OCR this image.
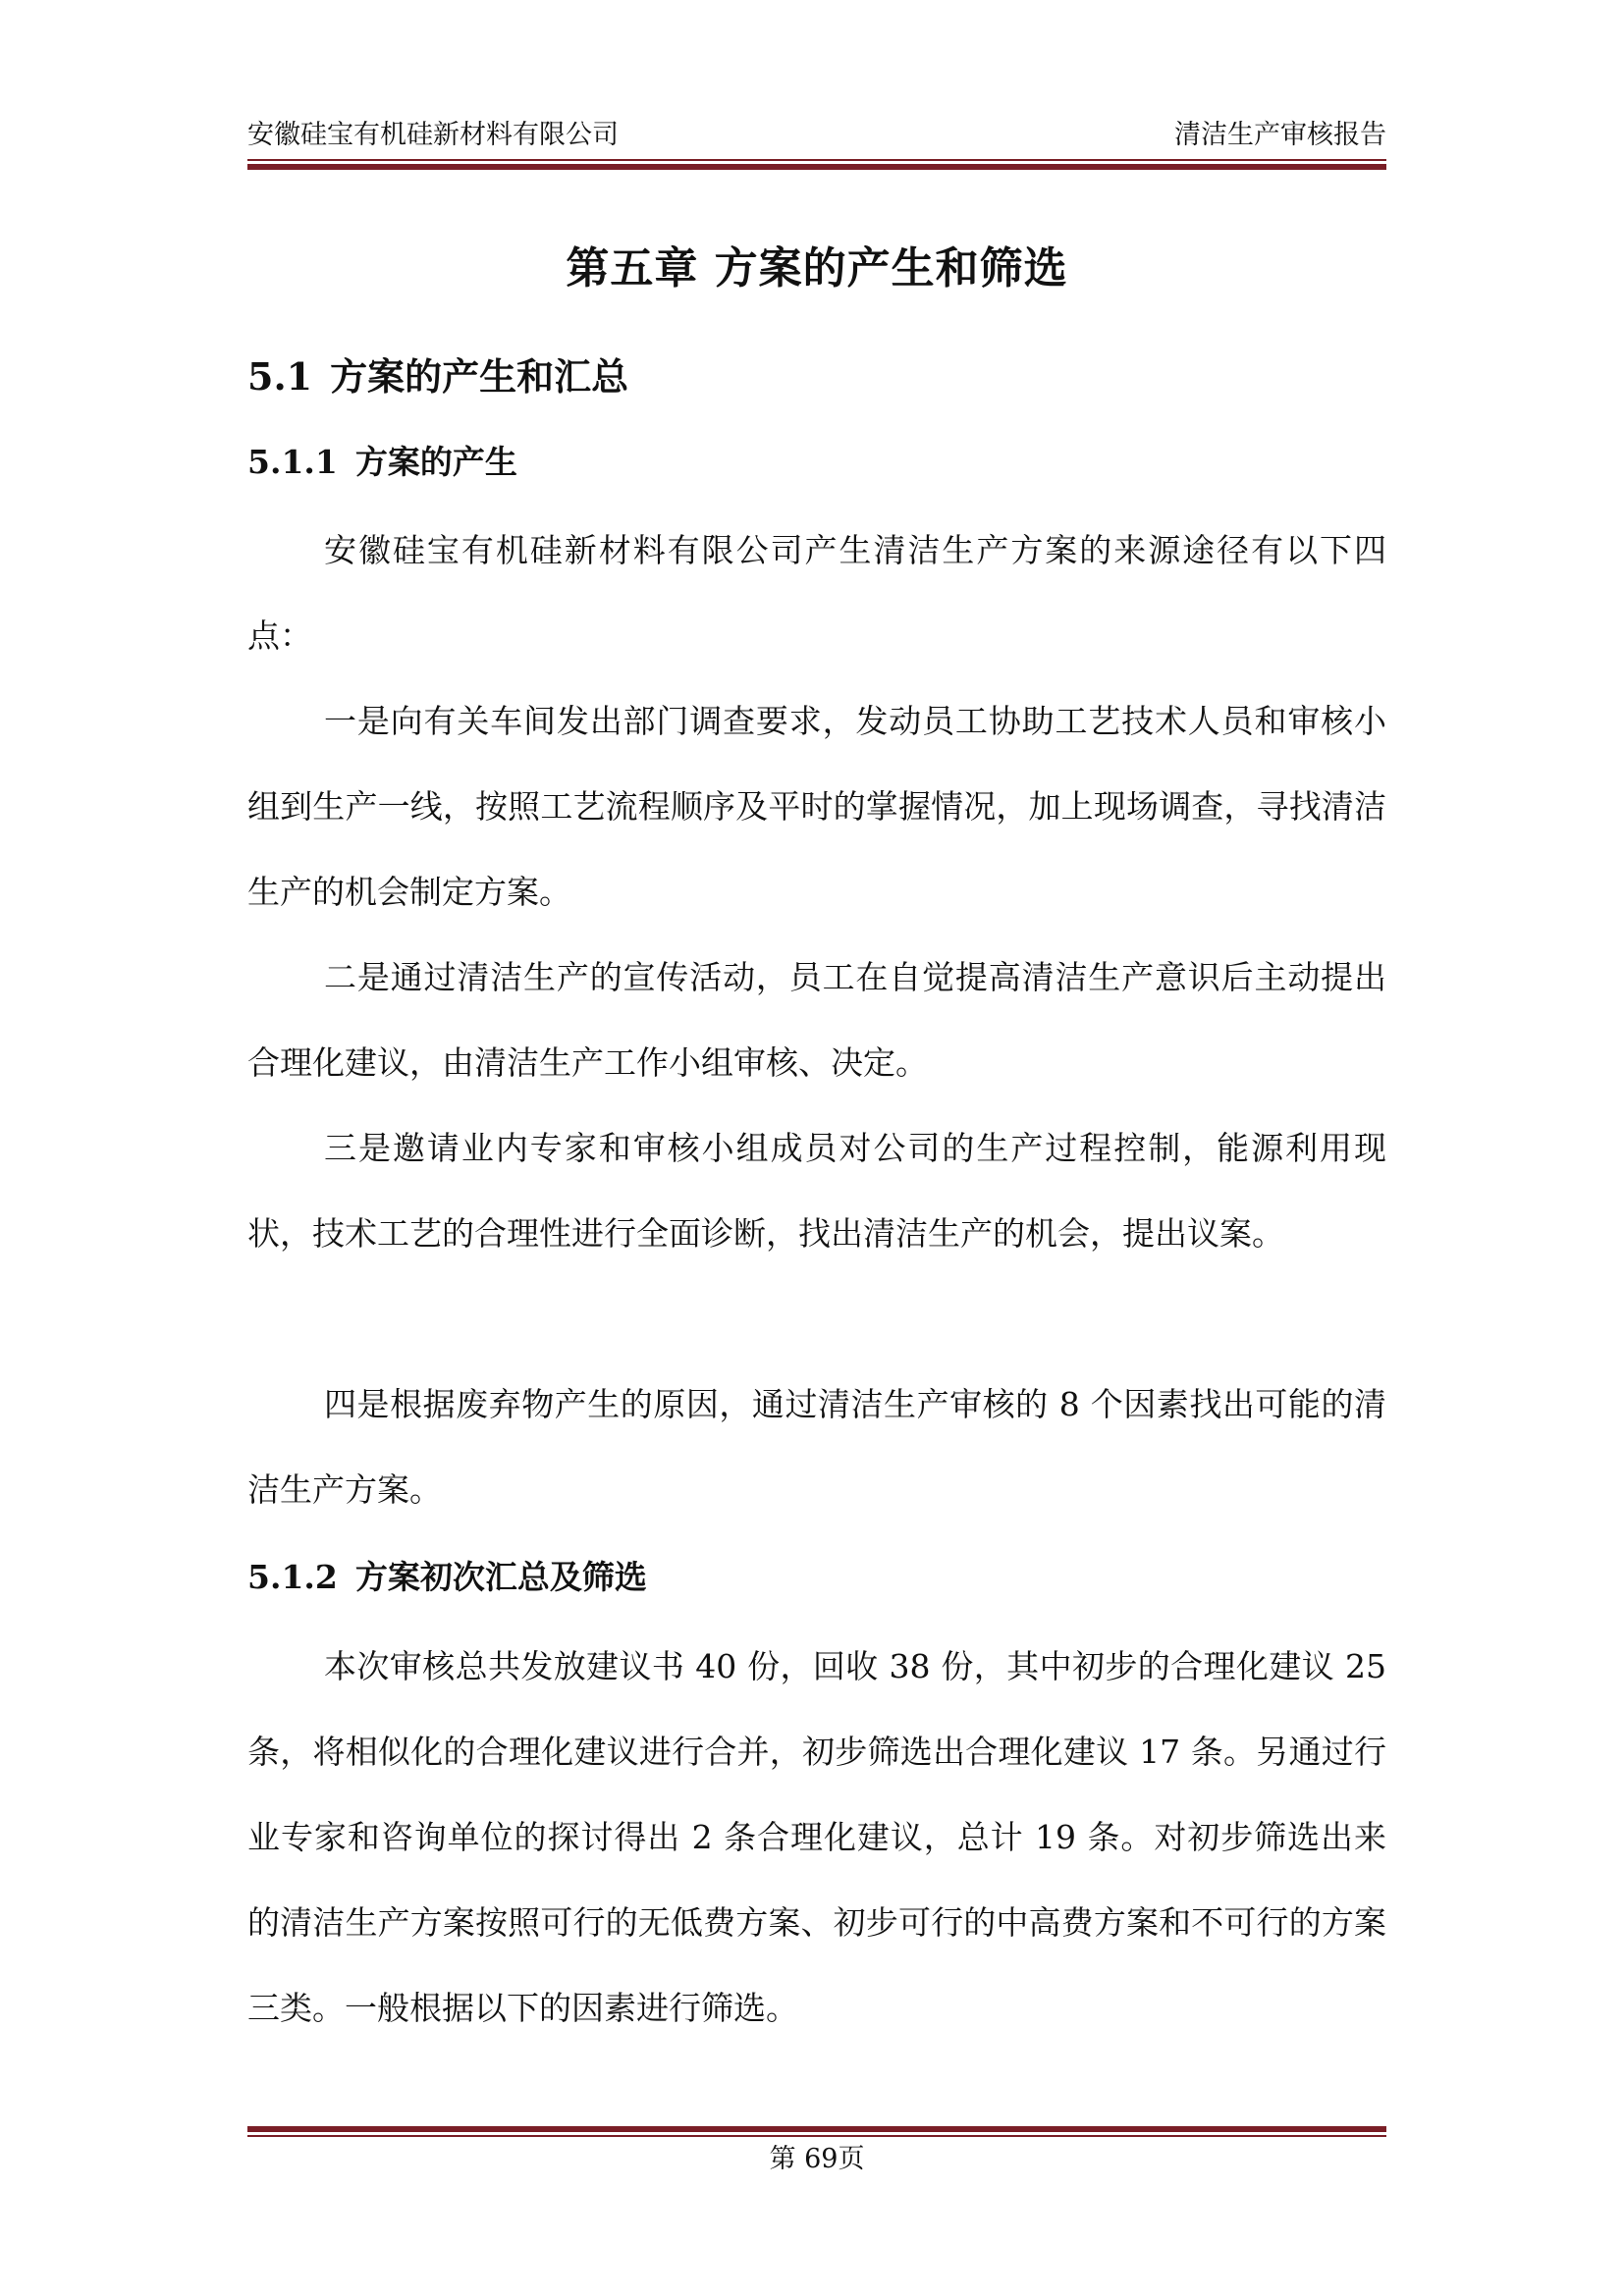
安徽硅宝有机硅新材料有限公司	清洁生产审核报告
第五章 方案的产生和筛选
5.1 方案的产生和汇总
5.1.1 方案的产生

安徽硅宝有机硅新材料有限公司产生清洁生产方案的来源途径有以下四点：

一是向有关车间发出部门调查要求，发动员工协助工艺技术人员和审核小组到生产一线，按照工艺流程顺序及平时的掌握情况，加上现场调查，寻找清洁生产的机会制定方案。

二是通过清洁生产的宣传活动，员工在自觉提高清洁生产意识后主动提出合理化建议，由清洁生产工作小组审核、决定。

三是邀请业内专家和审核小组成员对公司的生产过程控制，能源利用现状，技术工艺的合理性进行全面诊断，找出清洁生产的机会，提出议案。

四是根据废弃物产生的原因，通过清洁生产审核的 8 个因素找出可能的清洁生产方案。

5.1.2 方案初次汇总及筛选

本次审核总共发放建议书 40 份，回收 38 份，其中初步的合理化建议 25 条，将相似化的合理化建议进行合并，初步筛选出合理化建议 17 条。另通过行业专家和咨询单位的探讨得出 2 条合理化建议，总计 19 条。对初步筛选出来的清洁生产方案按照可行的无低费方案、初步可行的中高费方案和不可行的方案三类。一般根据以下的因素进行筛选。

第 69页
